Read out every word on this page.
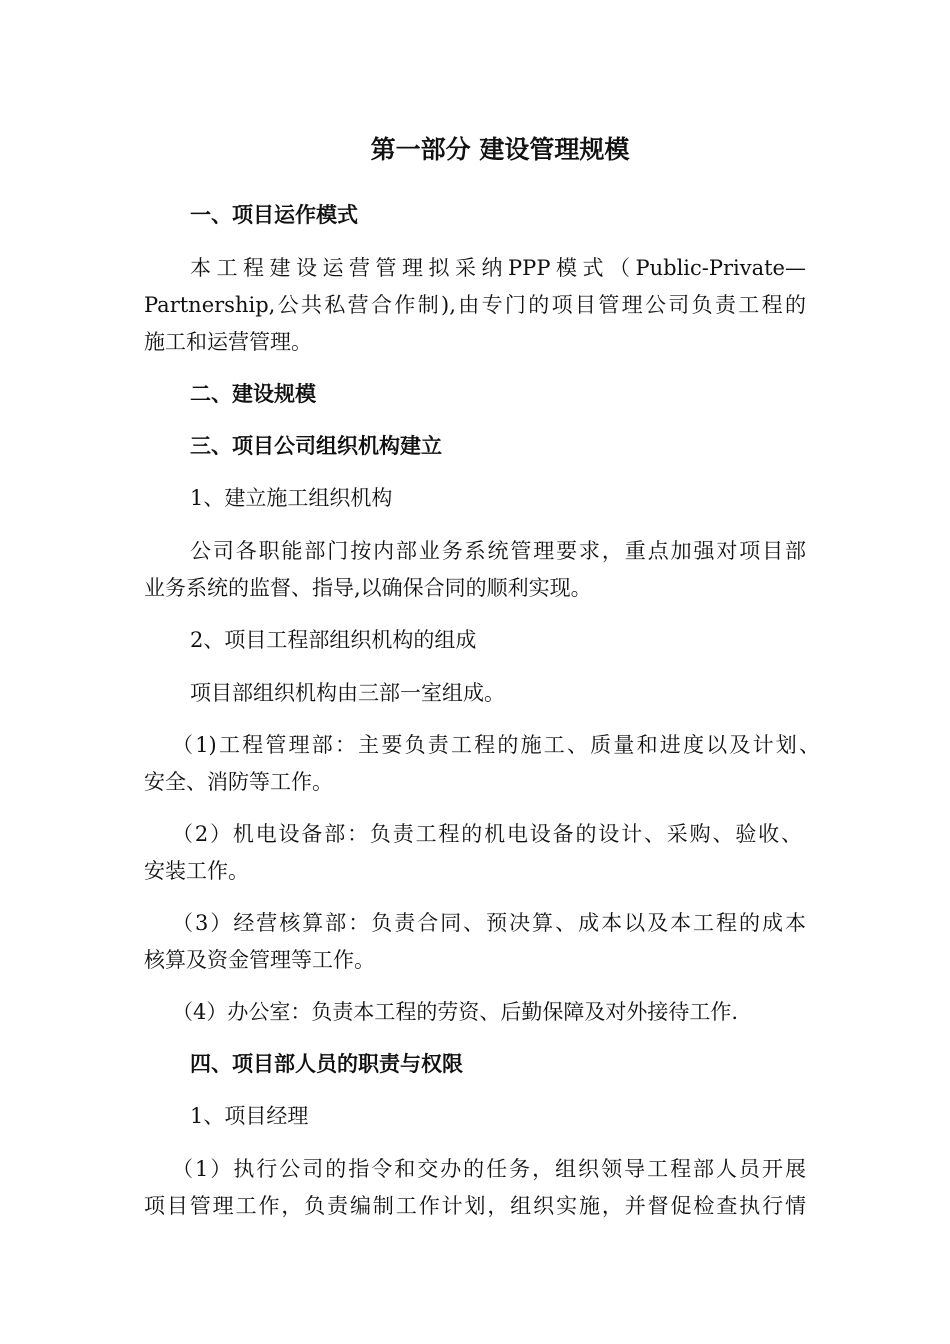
第一部分 建设管理规模
一、项目运作模式
本工程建设运营管理拟采纳PPP模式（Public-Private—
Partnership,公共私营合作制),由专门的项目管理公司负责工程的
施工和运营管理。
二、建设规模
三、项目公司组织机构建立
1、建立施工组织机构
公司各职能部门按内部业务系统管理要求，重点加强对项目部
业务系统的监督、指导,以确保合同的顺利实现。
2、项目工程部组织机构的组成
项目部组织机构由三部一室组成。
（1)工程管理部：主要负责工程的施工、质量和进度以及计划、
安全、消防等工作。
（2）机电设备部：负责工程的机电设备的设计、采购、验收、
安装工作。
（3）经营核算部：负责合同、预决算、成本以及本工程的成本
核算及资金管理等工作。
（4）办公室：负责本工程的劳资、后勤保障及对外接待工作.
四、项目部人员的职责与权限
1、项目经理
（1）执行公司的指令和交办的任务，组织领导工程部人员开展
项目管理工作，负责编制工作计划，组织实施，并督促检查执行情
